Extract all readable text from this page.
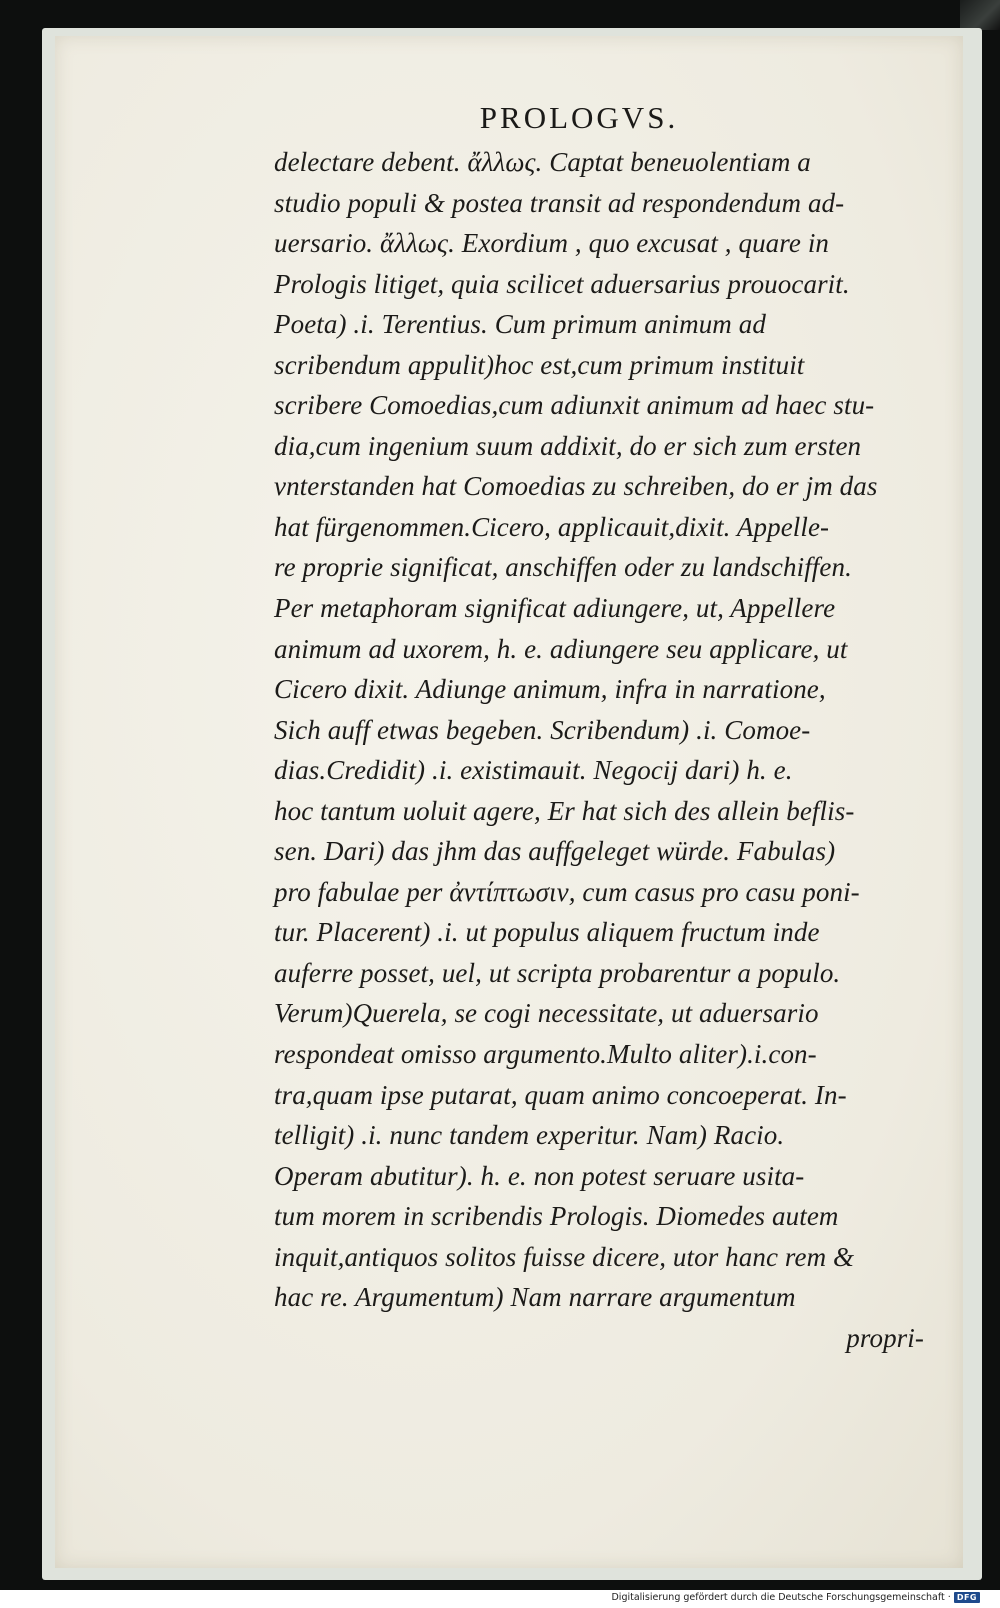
PROLOGVS.
delectare debent. ἄλλως. Captat beneuolentiam a
studio populi & postea transit ad respondendum ad-
uersario. ἄλλως. Exordium , quo excusat , quare in
Prologis litiget, quia scilicet aduersarius prouocarit.
Poeta) .i. Terentius. Cum primum animum ad
scribendum appulit)hoc est,cum primum instituit
scribere Comoedias,cum adiunxit animum ad haec stu-
dia,cum ingenium suum addixit, do er sich zum ersten
vnterstanden hat Comoedias zu schreiben, do er jm das
hat fürgenommen.Cicero, applicauit,dixit. Appelle-
re proprie significat, anschiffen oder zu landschiffen.
Per metaphoram significat adiungere, ut, Appellere
animum ad uxorem, h. e. adiungere seu applicare, ut
Cicero dixit. Adiunge animum, infra in narratione,
Sich auff etwas begeben. Scribendum) .i. Comoe-
dias.Credidit) .i. existimauit. Negocij dari) h. e.
hoc tantum uoluit agere, Er hat sich des allein beflis-
sen. Dari) das jhm das auffgeleget würde. Fabulas)
pro fabulae per ἀντίπτωσιν, cum casus pro casu poni-
tur. Placerent) .i. ut populus aliquem fructum inde
auferre posset, uel, ut scripta probarentur a populo.
Verum)Querela, se cogi necessitate, ut aduersario
respondeat omisso argumento.Multo aliter).i.con-
tra,quam ipse putarat, quam animo concoeperat. In-
telligit) .i. nunc tandem experitur. Nam) Racio.
Operam abutitur). h. e. non potest seruare usita-
tum morem in scribendis Prologis. Diomedes autem
inquit,antiquos solitos fuisse dicere, utor hanc rem &
hac re. Argumentum) Nam narrare argumentum
propri-
Digitalisierung gefördert durch die Deutsche Forschungsgemeinschaft · DFG
